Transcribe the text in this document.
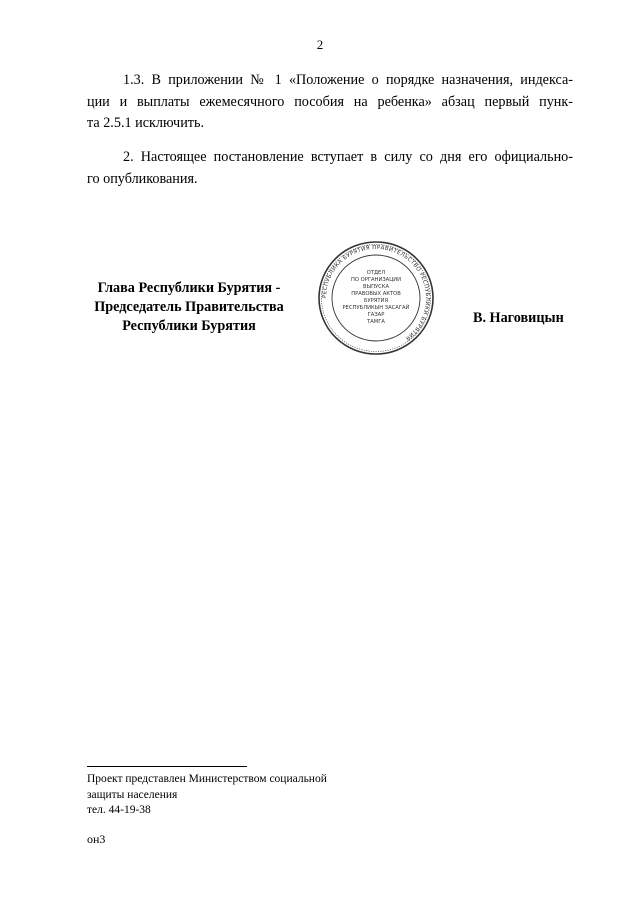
2
1.3. В приложении № 1 «Положение о порядке назначения, индекса-
ции и выплаты ежемесячного пособия на ребенка» абзац первый пунк-
та 2.5.1 исключить.
2. Настоящее постановление вступает в силу со дня его официально-
го опубликования.
Глава Республики Бурятия -
Председатель Правительства
Республики Бурятия
РЕСПУБЛИКА БУРЯТИЯ ПРАВИТЕЛЬСТВО РЕСПУБЛИКИ БУРЯТИЯ
ОТДЕЛ
ПО ОРГАНИЗАЦИИ
ВЫПУСКА
ПРАВОВЫХ АКТОВ
БУРЯТИЯ
РЕСПУБЛИКЫН ЗАСАГАЙ
ГАЗАР
ТАМГА	В. Наговицын
Проект представлен Министерством социальной
защиты населения
тел. 44-19-38
он3
